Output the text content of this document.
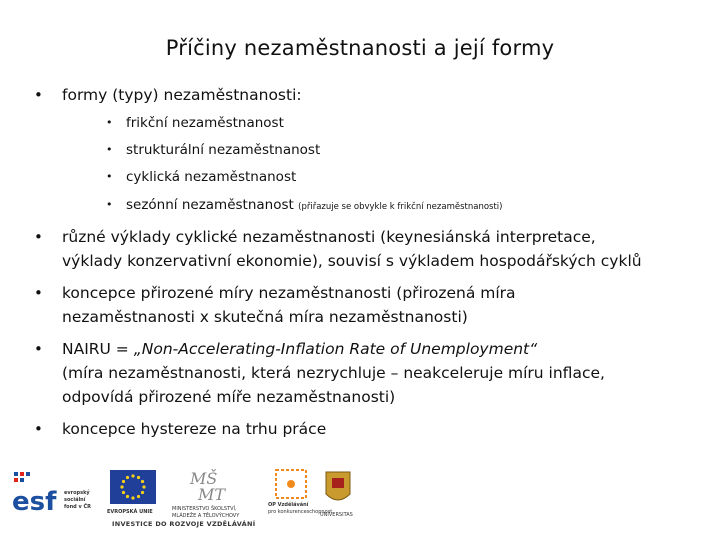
Příčiny nezaměstnanosti a její formy
• formy (typy) nezaměstnanosti:
• frikční nezaměstnanost
• strukturální nezaměstnanost
• cyklická nezaměstnanost
• sezónní nezaměstnanost (přiřazuje se obvykle k frikční nezaměstnanosti)
• různé výklady cyklické nezaměstnanosti (keynesiánská interpretace,
výklady konzervativní ekonomie), souvisí s výkladem hospodářských cyklů
• koncepce přirozené míry nezaměstnanosti (přirozená míra
nezaměstnanosti x skutečná míra nezaměstnanosti)
• NAIRU = „Non-Accelerating-Inflation Rate of Unemployment“
(míra nezaměstnanosti, která nezrychluje – neakceleruje míru inflace,
odpovídá přirozené míře nezaměstnanosti)
• koncepce hystereze na trhu práce
esf evropský
sociální
fond v ČR
EVROPSKÁ UNIE
MŠ
MT
MINISTERSTVO ŠKOLSTVÍ,
MLÁDEŽE A TĚLOVÝCHOVY
OP Vzdělávání
pro konkurenceschopnost
UNIVERSITAS
INVESTICE DO ROZVOJE VZDĚLÁVÁNÍ
